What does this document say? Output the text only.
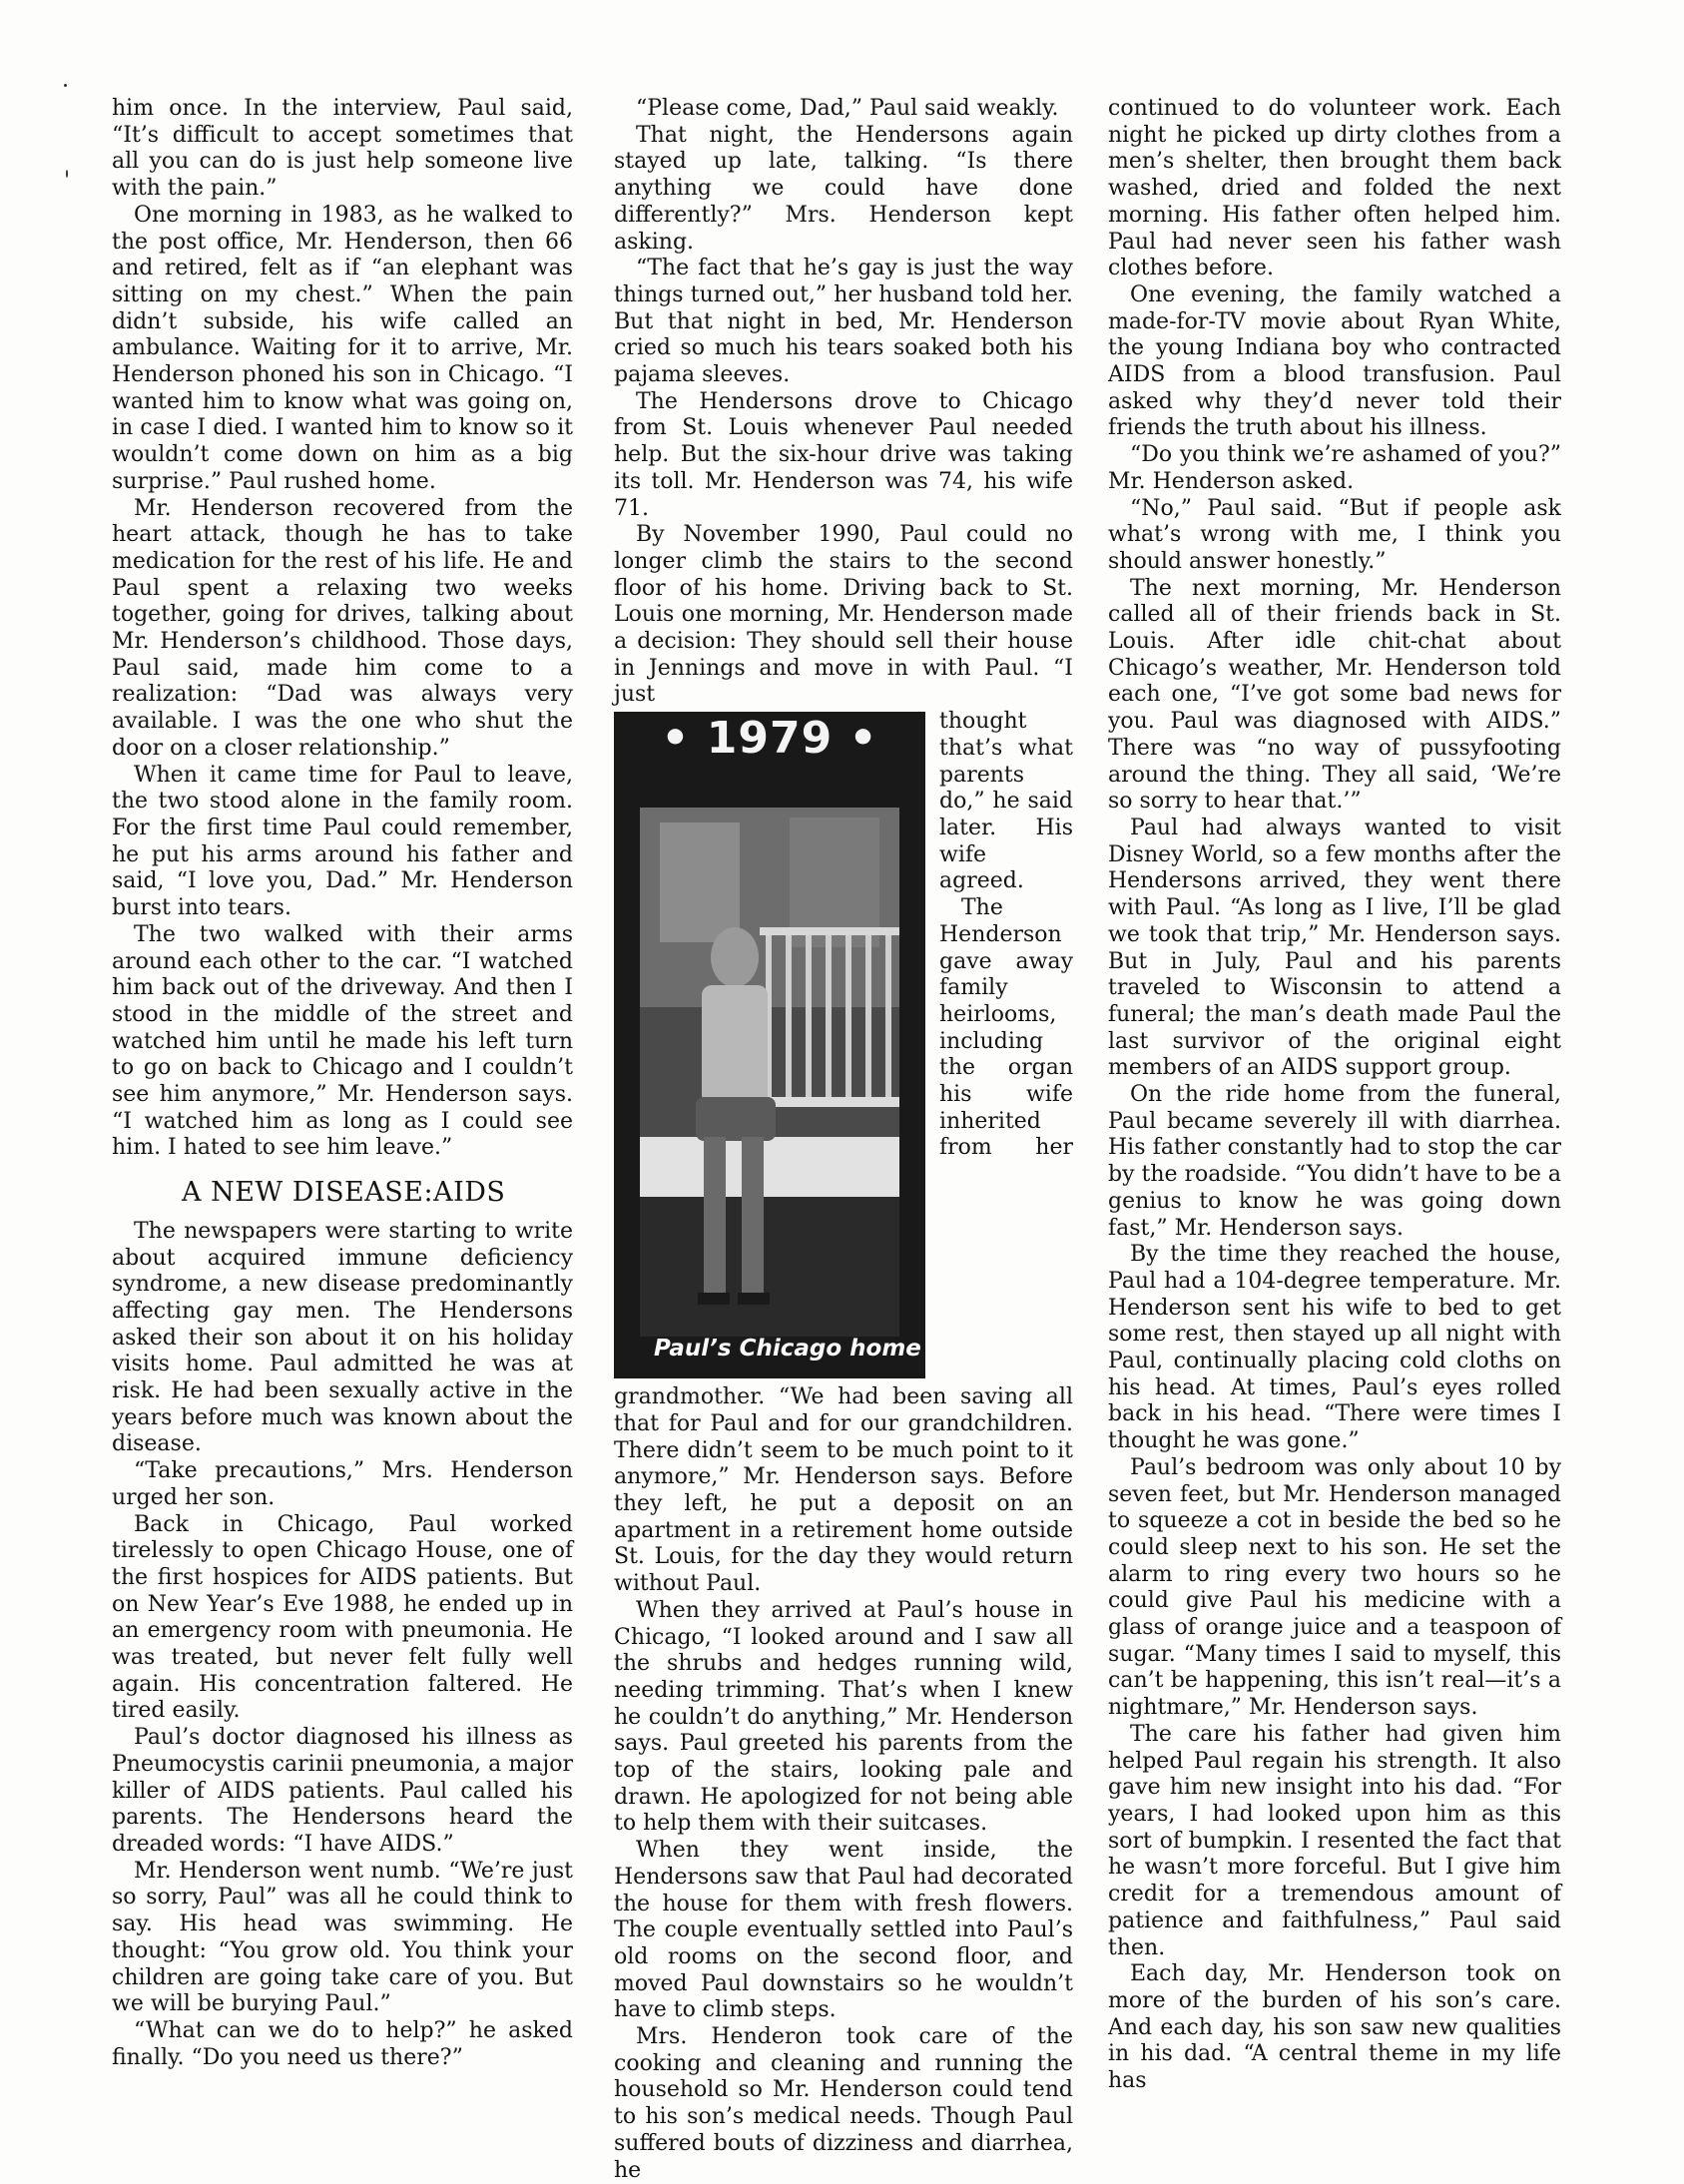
him once. In the interview, Paul said, “It’s difficult to accept sometimes that all you can do is just help someone live with the pain.”

One morning in 1983, as he walked to the post office, Mr. Henderson, then 66 and retired, felt as if “an elephant was sitting on my chest.” When the pain didn’t subside, his wife called an ambulance. Waiting for it to arrive, Mr. Henderson phoned his son in Chicago. “I wanted him to know what was going on, in case I died. I wanted him to know so it wouldn’t come down on him as a big surprise.” Paul rushed home.

Mr. Henderson recovered from the heart attack, though he has to take medication for the rest of his life. He and Paul spent a relaxing two weeks together, going for drives, talking about Mr. Henderson’s childhood. Those days, Paul said, made him come to a realization: “Dad was always very available. I was the one who shut the door on a closer relationship.”

When it came time for Paul to leave, the two stood alone in the family room. For the first time Paul could remember, he put his arms around his father and said, “I love you, Dad.” Mr. Henderson burst into tears.

The two walked with their arms around each other to the car. “I watched him back out of the driveway. And then I stood in the middle of the street and watched him until he made his left turn to go on back to Chicago and I couldn’t see him anymore,” Mr. Henderson says. “I watched him as long as I could see him. I hated to see him leave.”

A NEW DISEASE:AIDS

The newspapers were starting to write about acquired immune deficiency syndrome, a new disease predominantly affecting gay men. The Hendersons asked their son about it on his holiday visits home. Paul admitted he was at risk. He had been sexually active in the years before much was known about the disease.

“Take precautions,” Mrs. Henderson urged her son.

Back in Chicago, Paul worked tirelessly to open Chicago House, one of the first hospices for AIDS patients. But on New Year’s Eve 1988, he ended up in an emergency room with pneumonia. He was treated, but never felt fully well again. His concentration faltered. He tired easily.

Paul’s doctor diagnosed his illness as Pneumocystis carinii pneumonia, a major killer of AIDS patients. Paul called his parents. The Hendersons heard the dreaded words: “I have AIDS.”

Mr. Henderson went numb. “We’re just so sorry, Paul” was all he could think to say. His head was swimming. He thought: “You grow old. You think your children are going take care of you. But we will be burying Paul.”

“What can we do to help?” he asked finally. “Do you need us there?”

“Please come, Dad,” Paul said weakly.

That night, the Hendersons again stayed up late, talking. “Is there anything we could have done differently?” Mrs. Henderson kept asking.

“The fact that he’s gay is just the way things turned out,” her husband told her. But that night in bed, Mr. Henderson cried so much his tears soaked both his pajama sleeves.

The Hendersons drove to Chicago from St. Louis whenever Paul needed help. But the six-hour drive was taking its toll. Mr. Henderson was 74, his wife 71.

By November 1990, Paul could no longer climb the stairs to the second floor of his home. Driving back to St. Louis one morning, Mr. Henderson made a decision: They should sell their house in Jennings and move in with Paul. “I just

• 1979 •
Paul’s Chicago home

thought that’s what parents do,” he said later. His wife agreed.

The Henderson gave away family heirlooms, including the organ his wife inherited from her grandmother. “We had been saving all that for Paul and for our grandchildren. There didn’t seem to be much point to it anymore,” Mr. Henderson says. Before they left, he put a deposit on an apartment in a retirement home outside St. Louis, for the day they would return without Paul.

When they arrived at Paul’s house in Chicago, “I looked around and I saw all the shrubs and hedges running wild, needing trimming. That’s when I knew he couldn’t do anything,” Mr. Henderson says. Paul greeted his parents from the top of the stairs, looking pale and drawn. He apologized for not being able to help them with their suitcases.

When they went inside, the Hendersons saw that Paul had decorated the house for them with fresh flowers. The couple eventually settled into Paul’s old rooms on the second floor, and moved Paul downstairs so he wouldn’t have to climb steps.

Mrs. Henderon took care of the cooking and cleaning and running the household so Mr. Henderson could tend to his son’s medical needs. Though Paul suffered bouts of dizziness and diarrhea, he

continued to do volunteer work. Each night he picked up dirty clothes from a men’s shelter, then brought them back washed, dried and folded the next morning. His father often helped him. Paul had never seen his father wash clothes before.

One evening, the family watched a made-for-TV movie about Ryan White, the young Indiana boy who contracted AIDS from a blood transfusion. Paul asked why they’d never told their friends the truth about his illness.

“Do you think we’re ashamed of you?” Mr. Henderson asked.

“No,” Paul said. “But if people ask what’s wrong with me, I think you should answer honestly.”

The next morning, Mr. Henderson called all of their friends back in St. Louis. After idle chit-chat about Chicago’s weather, Mr. Henderson told each one, “I’ve got some bad news for you. Paul was diagnosed with AIDS.” There was “no way of pussyfooting around the thing. They all said, ‘We’re so sorry to hear that.’”

Paul had always wanted to visit Disney World, so a few months after the Hendersons arrived, they went there with Paul. “As long as I live, I’ll be glad we took that trip,” Mr. Henderson says. But in July, Paul and his parents traveled to Wisconsin to attend a funeral; the man’s death made Paul the last survivor of the original eight members of an AIDS support group.

On the ride home from the funeral, Paul became severely ill with diarrhea. His father constantly had to stop the car by the roadside. “You didn’t have to be a genius to know he was going down fast,” Mr. Henderson says.

By the time they reached the house, Paul had a 104-degree temperature. Mr. Henderson sent his wife to bed to get some rest, then stayed up all night with Paul, continually placing cold cloths on his head. At times, Paul’s eyes rolled back in his head. “There were times I thought he was gone.”

Paul’s bedroom was only about 10 by seven feet, but Mr. Henderson managed to squeeze a cot in beside the bed so he could sleep next to his son. He set the alarm to ring every two hours so he could give Paul his medicine with a glass of orange juice and a teaspoon of sugar. “Many times I said to myself, this can’t be happening, this isn’t real—it’s a nightmare,” Mr. Henderson says.

The care his father had given him helped Paul regain his strength. It also gave him new insight into his dad. “For years, I had looked upon him as this sort of bumpkin. I resented the fact that he wasn’t more forceful. But I give him credit for a tremendous amount of patience and faithfulness,” Paul said then.

Each day, Mr. Henderson took on more of the burden of his son’s care. And each day, his son saw new qualities in his dad. “A central theme in my life has
